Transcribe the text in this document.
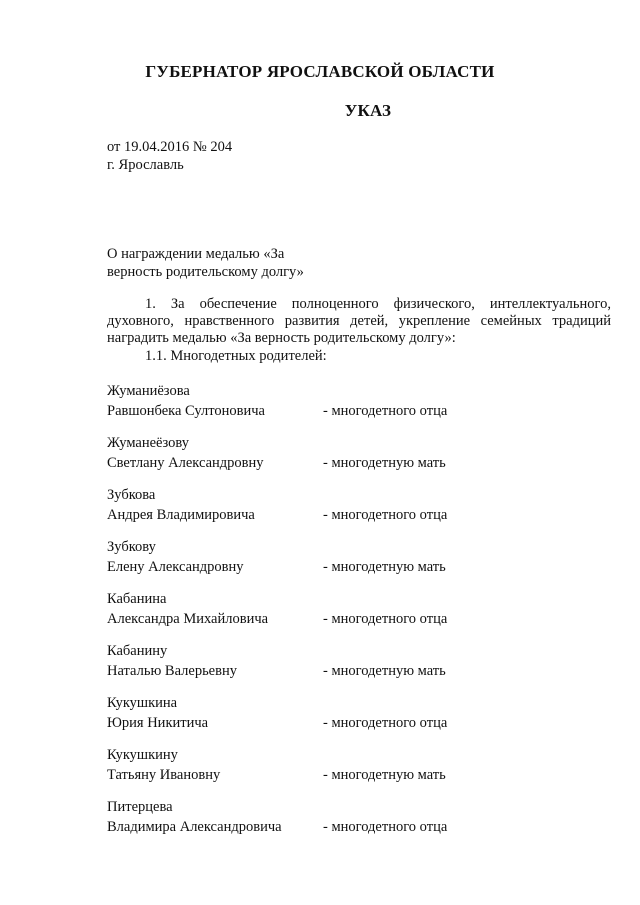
ГУБЕРНАТОР ЯРОСЛАВСКОЙ ОБЛАСТИ
УКАЗ
от 19.04.2016 № 204
г. Ярославль
О награждении медалью «За
верность родительскому долгу»
1. За обеспечение полноценного физического, интеллектуального, духовного, нравственного развития детей, укрепление семейных традиций наградить медалью «За верность родительскому долгу»:
1.1. Многодетных родителей:
Жуманиёзова
Равшонбека Султоновича	- многодетного отца
Жуманеёзову
Светлану Александровну	- многодетную мать
Зубкова
Андрея Владимировича	- многодетного отца
Зубкову
Елену Александровну	- многодетную мать
Кабанина
Александра Михайловича	- многодетного отца
Кабанину
Наталью Валерьевну	- многодетную мать
Кукушкина
Юрия Никитича	- многодетного отца
Кукушкину
Татьяну Ивановну	- многодетную мать
Питерцева
Владимира Александровича	- многодетного отца
